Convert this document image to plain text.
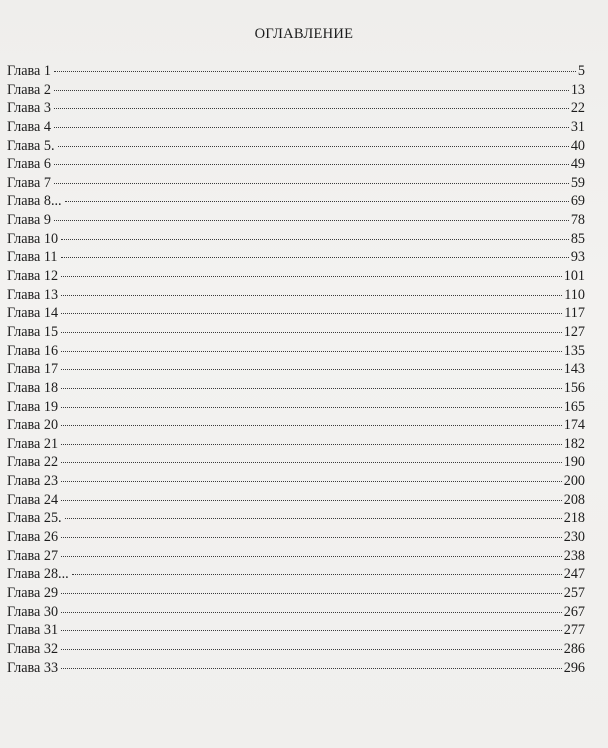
ОГЛАВЛЕНИЕ
Глава 1	5
Глава 2	13
Глава 3	22
Глава 4	31
Глава 5.	40
Глава 6	49
Глава 7	59
Глава 8...	69
Глава 9	78
Глава 10	85
Глава 11	93
Глава 12	101
Глава 13	110
Глава 14	117
Глава 15	127
Глава 16	135
Глава 17	143
Глава 18	156
Глава 19	165
Глава 20	174
Глава 21	182
Глава 22	190
Глава 23	200
Глава 24	208
Глава 25.	218
Глава 26	230
Глава 27	238
Глава 28...	247
Глава 29	257
Глава 30	267
Глава 31	277
Глава 32	286
Глава 33	296
